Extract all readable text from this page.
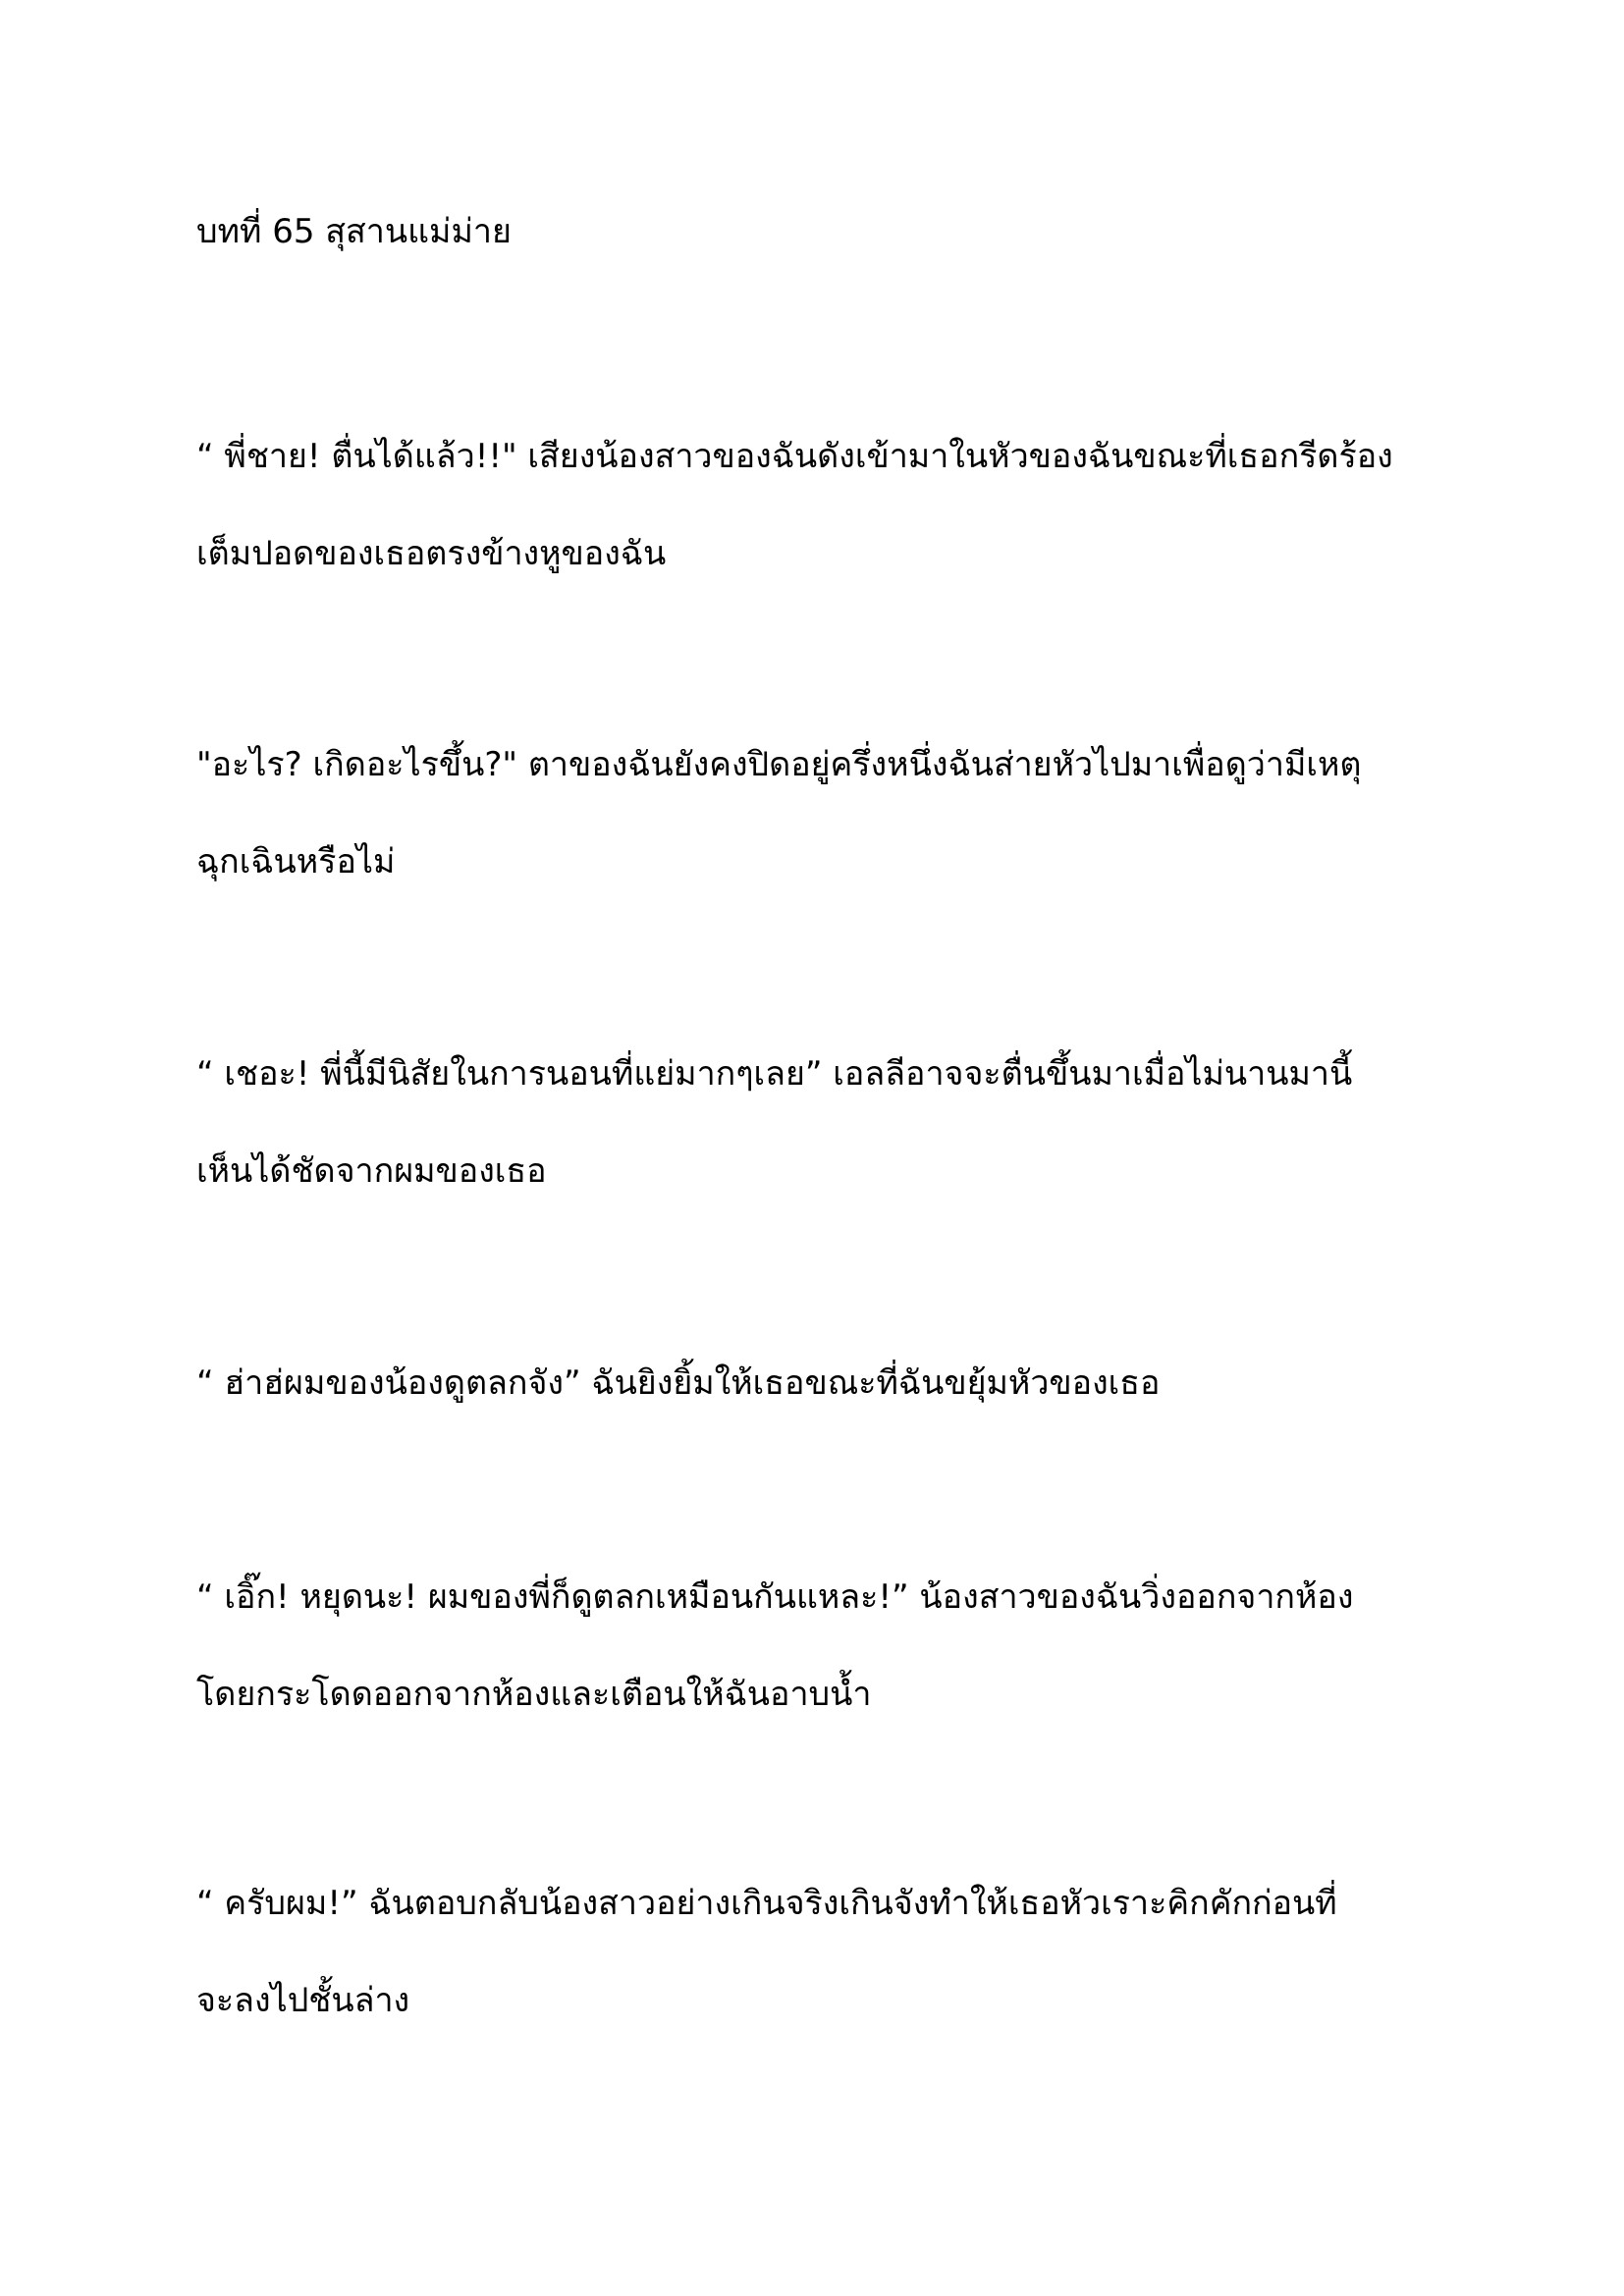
บทที่ 65 สุสานแม่ม่าย
“ พี่ชาย! ตื่นได้แล้ว!!" เสียงน้องสาวของฉันดังเข้ามาในหัวของฉันขณะที่เธอกรีดร้อง
เต็มปอดของเธอตรงข้างหูของฉัน
"อะไร? เกิดอะไรขึ้น?" ตาของฉันยังคงปิดอยู่ครึ่งหนึ่งฉันส่ายหัวไปมาเพื่อดูว่ามีเหตุ
ฉุกเฉินหรือไม่
“ เชอะ! พี่นี้มีนิสัยในการนอนที่แย่มากๆเลย” เอลลีอาจจะตื่นขึ้นมาเมื่อไม่นานมานี้
เห็นได้ชัดจากผมของเธอ
“ ฮ่าฮ่ผมของน้องดูตลกจัง” ฉันยิงยิ้มให้เธอขณะที่ฉันขยุ้มหัวของเธอ
“ เอิ๊ก! หยุดนะ! ผมของพี่ก็ดูตลกเหมือนกันแหละ!” น้องสาวของฉันวิ่งออกจากห้อง
โดยกระโดดออกจากห้องและเตือนให้ฉันอาบน้ำ
“ ครับผม!” ฉันตอบกลับน้องสาวอย่างเกินจริงเกินจังทำให้เธอหัวเราะคิกคักก่อนที่
จะลงไปชั้นล่าง
